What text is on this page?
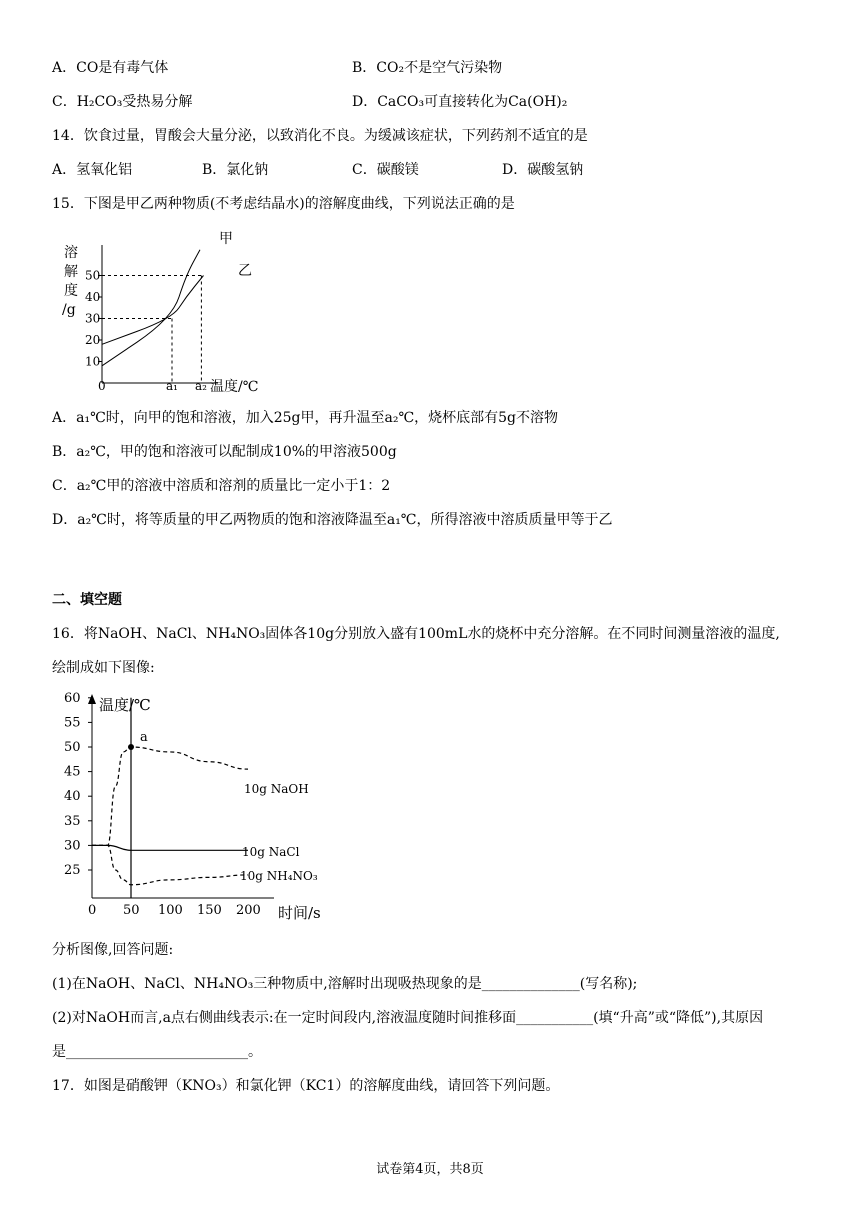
A．CO是有毒气体	B．CO₂不是空气污染物
C．H₂CO₃受热易分解	D．CaCO₃可直接转化为Ca(OH)₂
14．饮食过量，胃酸会大量分泌，以致消化不良。为缓减该症状，下列药剂不适宜的是
A．氢氧化铝	B．氯化钠	C．碳酸镁	D．碳酸氢钠
15．下图是甲乙两种物质(不考虑结晶水)的溶解度曲线，下列说法正确的是
溶
解
度
/g
10
20
30
40
50
0	a₁ a₂ 温度/℃
甲
乙
A．a₁℃时，向甲的饱和溶液，加入25g甲，再升温至a₂℃，烧杯底部有5g不溶物
B．a₂℃，甲的饱和溶液可以配制成10%的甲溶液500g
C．a₂℃甲的溶液中溶质和溶剂的质量比一定小于1：2
D．a₂℃时，将等质量的甲乙两物质的饱和溶液降温至a₁℃，所得溶液中溶质质量甲等于乙
二、填空题
16．将NaOH、NaCl、NH₄NO₃固体各10g分别放入盛有100mL水的烧杯中充分溶解。在不同时间测量溶液的温度,
绘制成如下图像:
温度/℃
时间/s
25
30
35
40
45
50
55
60
0 50 100 150 200
a
10g NaOH
10g NaCl
10g NH₄NO₃
分析图像,回答问题:
(1)在NaOH、NaCl、NH₄NO₃三种物质中,溶解时出现吸热现象的是______________(写名称);
(2)对NaOH而言,a点右侧曲线表示:在一定时间段内,溶液温度随时间推移面___________(填“升高”或“降低”),其原因
是__________________________。
17．如图是硝酸钾（KNO₃）和氯化钾（KC1）的溶解度曲线，请回答下列问题。
试卷第4页，共8页
